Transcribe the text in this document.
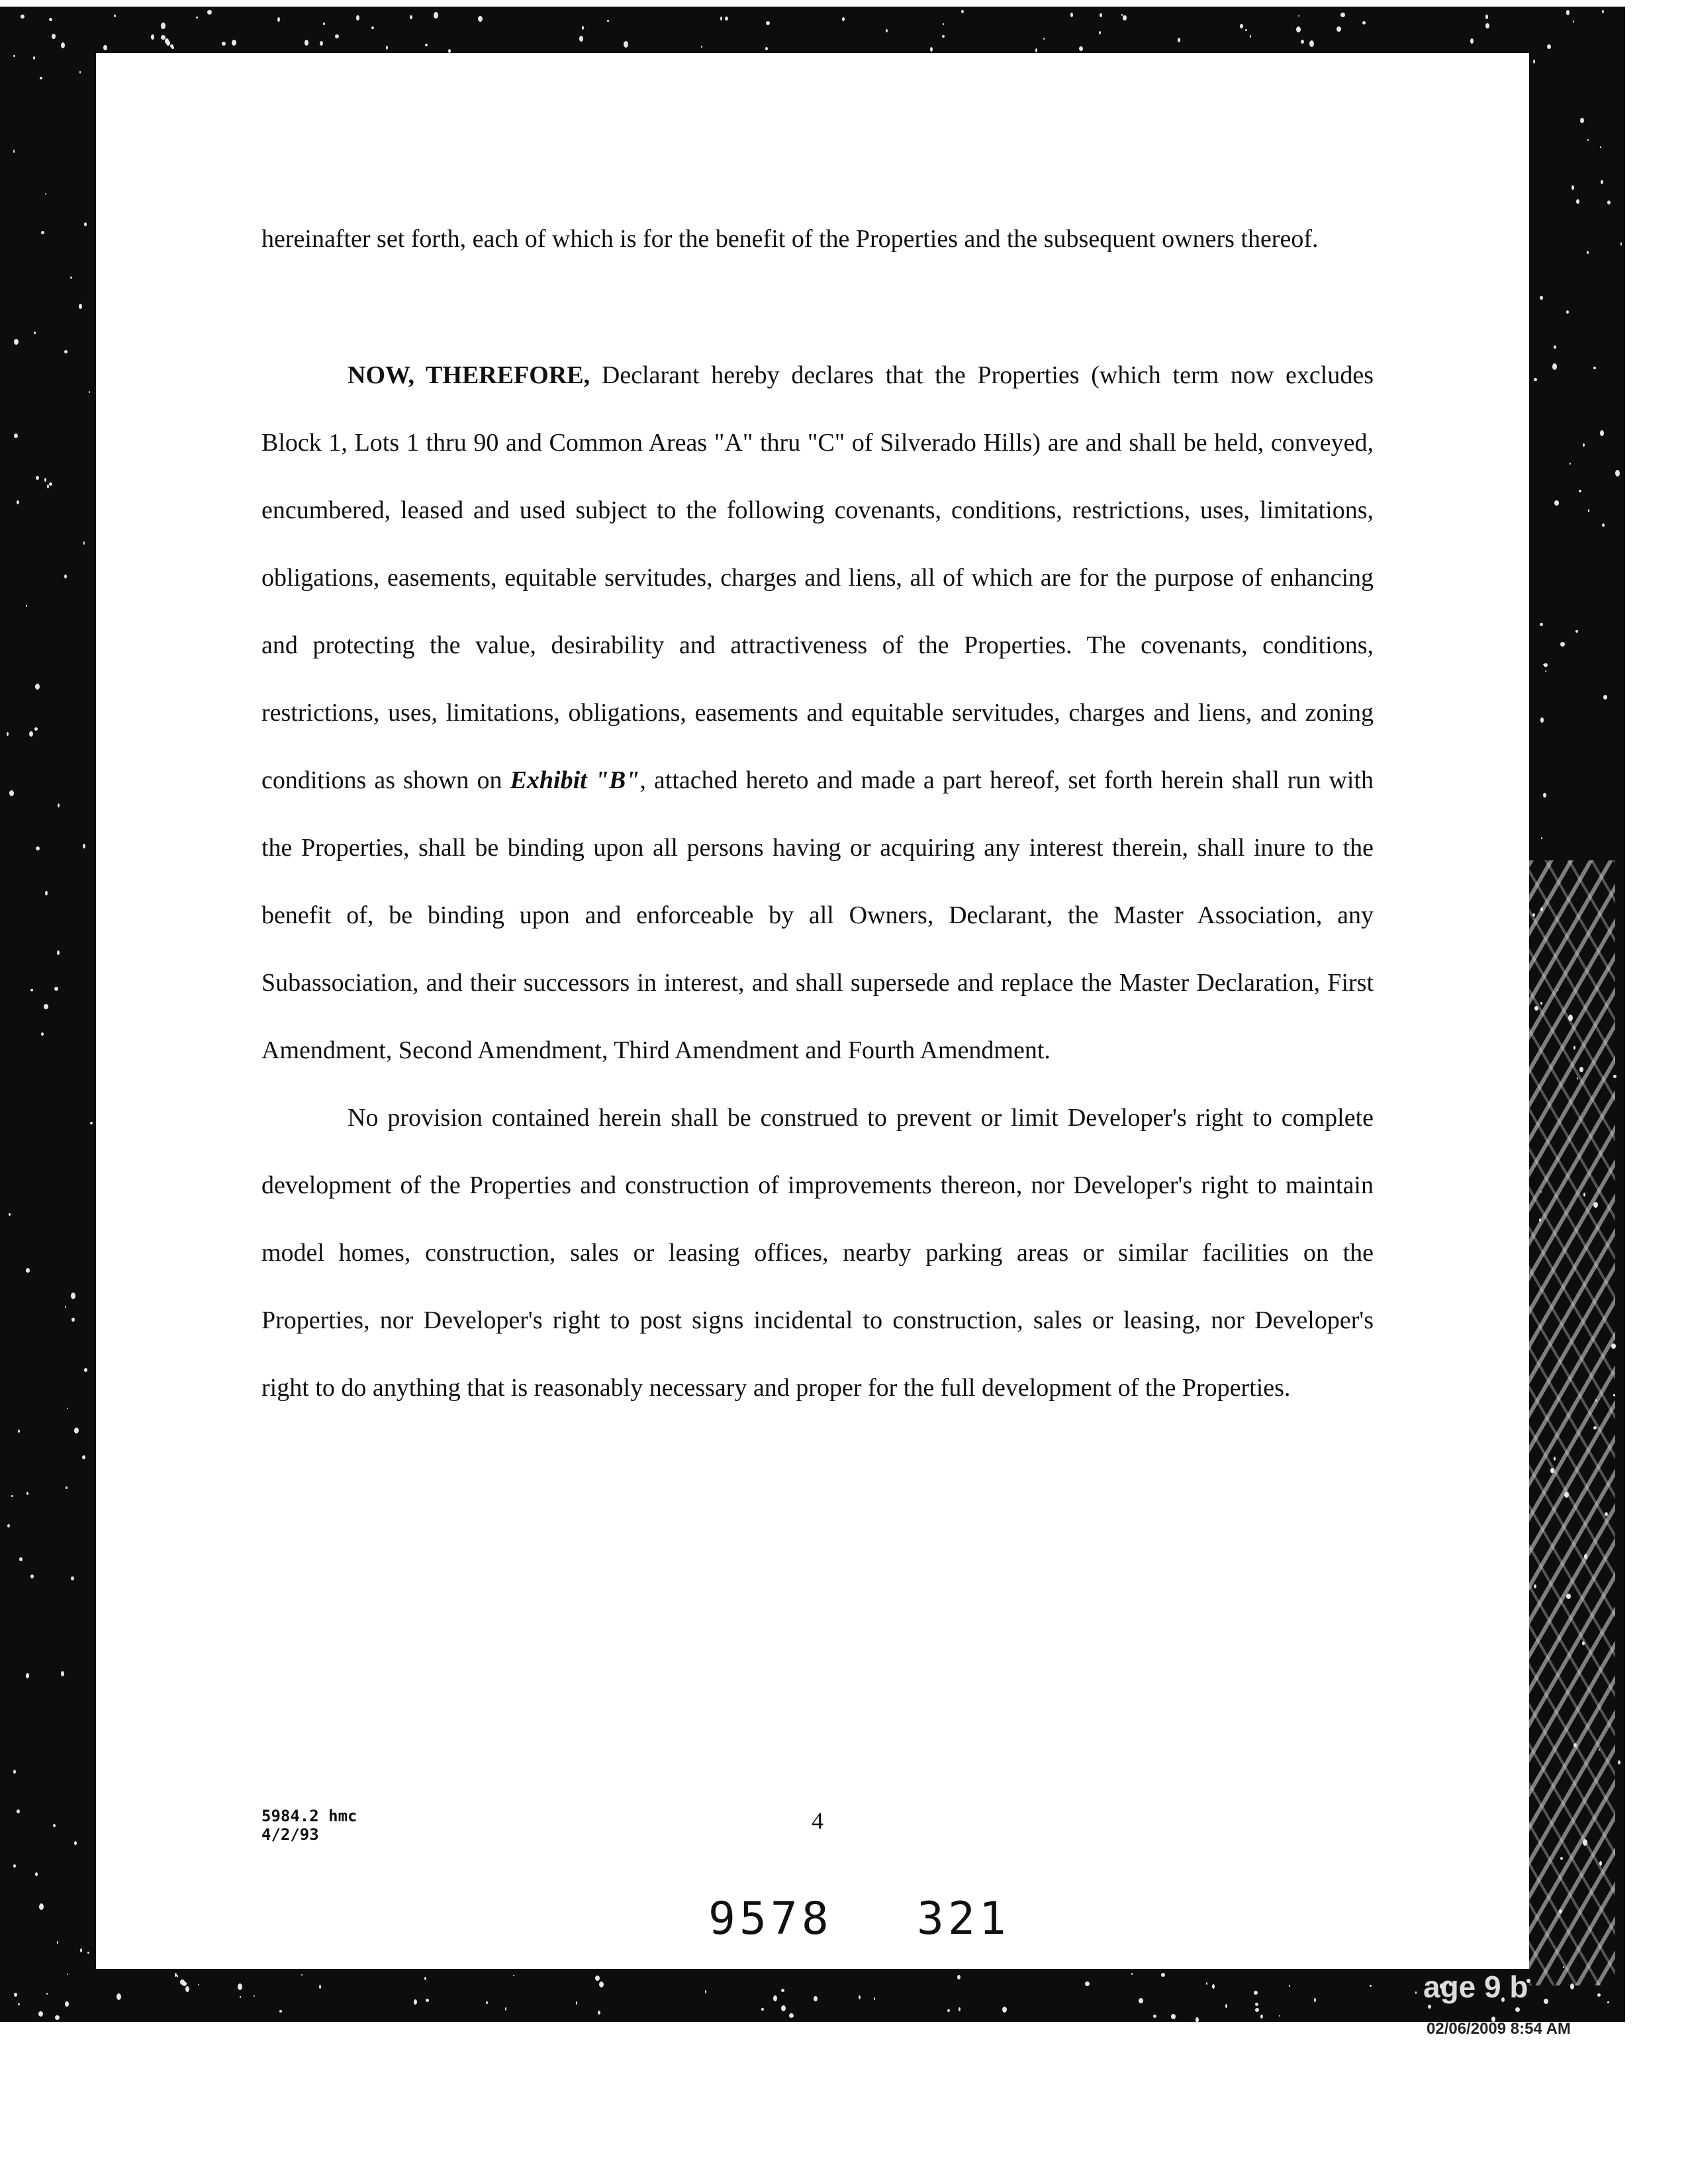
hereinafter set forth, each of which is for the benefit of the Properties and the subsequent owners thereof.

NOW, THEREFORE, Declarant hereby declares that the Properties (which term now excludes Block 1, Lots 1 thru 90 and Common Areas "A" thru "C" of Silverado Hills) are and shall be held, conveyed, encumbered, leased and used subject to the following covenants, conditions, restrictions, uses, limitations, obligations, easements, equitable servitudes, charges and liens, all of which are for the purpose of enhancing and protecting the value, desirability and attractiveness of the Properties. The covenants, conditions, restrictions, uses, limitations, obligations, easements and equitable servitudes, charges and liens, and zoning conditions as shown on Exhibit "B", attached hereto and made a part hereof, set forth herein shall run with the Properties, shall be binding upon all persons having or acquiring any interest therein, shall inure to the benefit of, be binding upon and enforceable by all Owners, Declarant, the Master Association, any Subassociation, and their successors in interest, and shall supersede and replace the Master Declaration, First Amendment, Second Amendment, Third Amendment and Fourth Amendment.

No provision contained herein shall be construed to prevent or limit Developer's right to complete development of the Properties and construction of improvements thereon, nor Developer's right to maintain model homes, construction, sales or leasing offices, nearby parking areas or similar facilities on the Properties, nor Developer's right to post signs incidental to construction, sales or leasing, nor Developer's right to do anything that is reasonably necessary and proper for the full development of the Properties.

5984.2 hmc
4/2/93
4
9578 321
age 9 b
02/06/2009 8:54 AM
